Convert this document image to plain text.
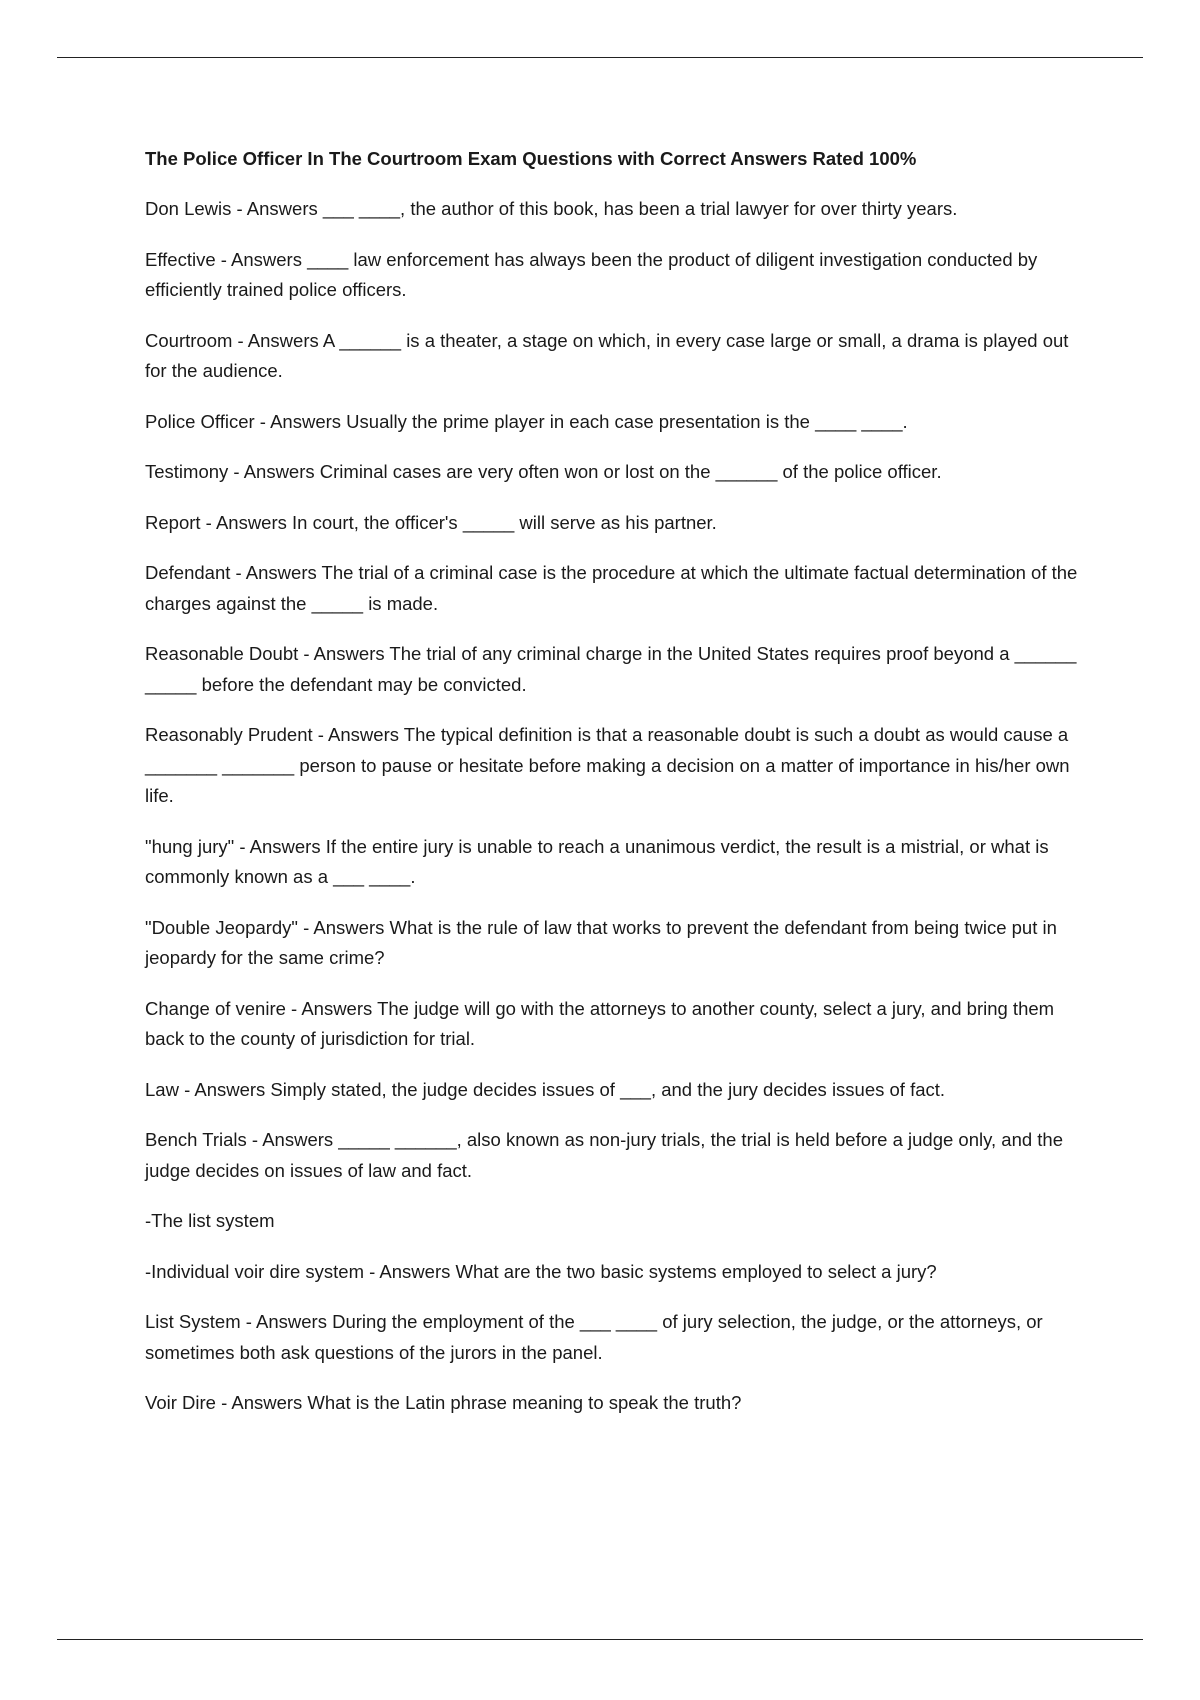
The Police Officer In The Courtroom Exam Questions with Correct Answers Rated 100%
Don Lewis - Answers ___ ____, the author of this book, has been a trial lawyer for over thirty years.
Effective - Answers ____ law enforcement has always been the product of diligent investigation conducted by efficiently trained police officers.
Courtroom - Answers A ______ is a theater, a stage on which, in every case large or small, a drama is played out for the audience.
Police Officer - Answers Usually the prime player in each case presentation is the ____ ____.
Testimony - Answers Criminal cases are very often won or lost on the ______ of the police officer.
Report - Answers In court, the officer's _____ will serve as his partner.
Defendant - Answers The trial of a criminal case is the procedure at which the ultimate factual determination of the charges against the _____ is made.
Reasonable Doubt - Answers The trial of any criminal charge in the United States requires proof beyond a ______ _____ before the defendant may be convicted.
Reasonably Prudent - Answers The typical definition is that a reasonable doubt is such a doubt as would cause a _______ _______ person to pause or hesitate before making a decision on a matter of importance in his/her own life.
"hung jury" - Answers If the entire jury is unable to reach a unanimous verdict, the result is a mistrial, or what is commonly known as a ___ ____.
"Double Jeopardy" - Answers What is the rule of law that works to prevent the defendant from being twice put in jeopardy for the same crime?
Change of venire - Answers The judge will go with the attorneys to another county, select a jury, and bring them back to the county of jurisdiction for trial.
Law - Answers Simply stated, the judge decides issues of ___, and the jury decides issues of fact.
Bench Trials - Answers _____ ______, also known as non-jury trials, the trial is held before a judge only, and the judge decides on issues of law and fact.
-The list system
-Individual voir dire system - Answers What are the two basic systems employed to select a jury?
List System - Answers During the employment of the ___ ____ of jury selection, the judge, or the attorneys, or sometimes both ask questions of the jurors in the panel.
Voir Dire - Answers What is the Latin phrase meaning to speak the truth?
